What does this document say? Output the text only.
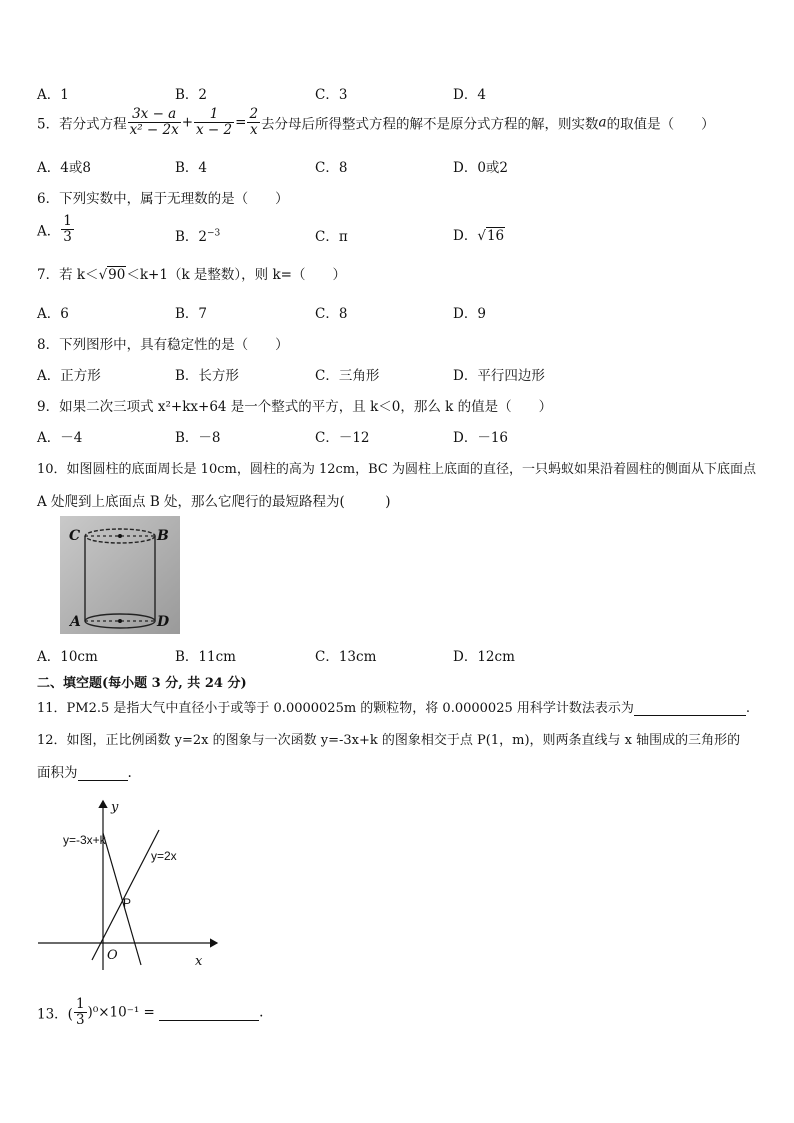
A．1	B．2	C．3	D．4
5．若分式方程 $\frac{3x - a}{\text{x² − 2x}} + \frac{1}{x - 2} = \frac{2}{x}$ 去分母后所得整式方程的解不是原分式方程的解，则实数a的取值是（　　）
A．4或8	B．4	C．8	D．0或2
6．下列实数中，属于无理数的是（　　）
A． $\frac{1}{3}$	B．$2^{-3}$	C．π	D．√16
7．若 k＜√90＜k+1（k 是整数），则 k=（　　）
A．6	B．7	C．8	D．9
8．下列图形中，具有稳定性的是（　　）
A．正方形	B．长方形	C．三角形	D．平行四边形
9．如果二次三项式 x²+kx+64 是一个整式的平方，且 k＜0，那么 k 的值是（　　）
A．－4	B．－8	C．－12	D．－16
10．如图圆柱的底面周长是 10cm，圆柱的高为 12cm，BC 为圆柱上底面的直径，一只蚂蚁如果沿着圆柱的侧面从下底面点
A 处爬到上底面点 B 处，那么它爬行的最短路程为(　　　)
C	B
A	D
A．10cm	B．11cm	C．13cm	D．12cm
二、填空题(每小题 3 分, 共 24 分)
11．PM2.5 是指大气中直径小于或等于 0.0000025m 的颗粒物，将 0.0000025 用科学计数法表示为	.
12．如图，正比例函数 y=2x 的图象与一次函数 y=-3x+k 的图象相交于点 P(1，m)，则两条直线与 x 轴围成的三角形的
面积为	.
y
x
O
y=-3x+k
y=2x
P
13．( $\frac{1}{3} )^0\times 10^{-1}$ =	.
